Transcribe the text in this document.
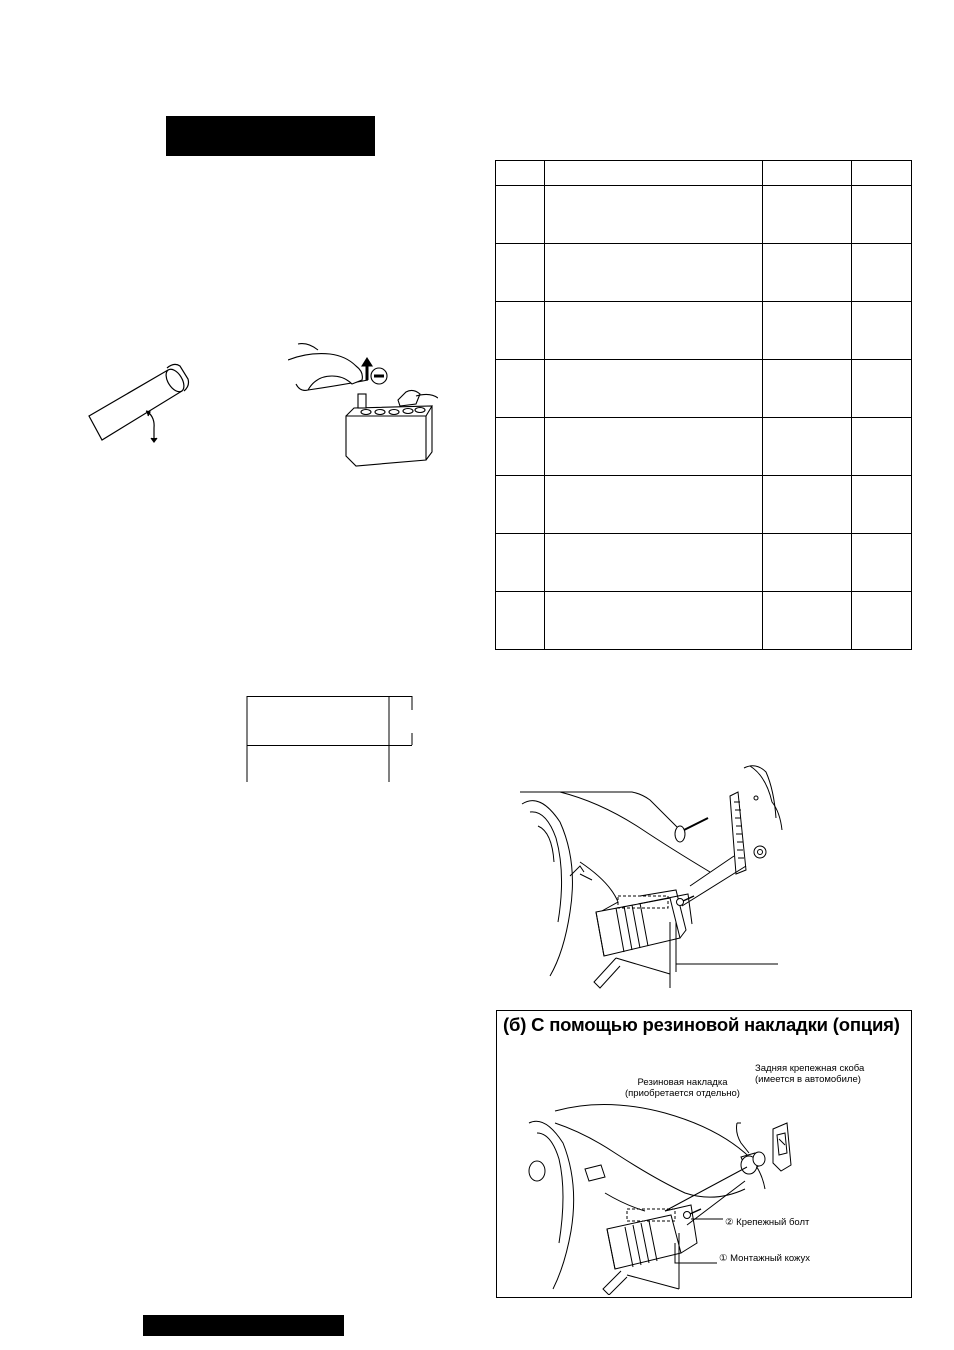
(б) С помощью резиновой накладки (опция)
Задняя крепежная скоба
(имеется в автомобиле)
Резиновая накладка
(приобретается отдельно)
② Крепежный болт
① Монтажный кожух
